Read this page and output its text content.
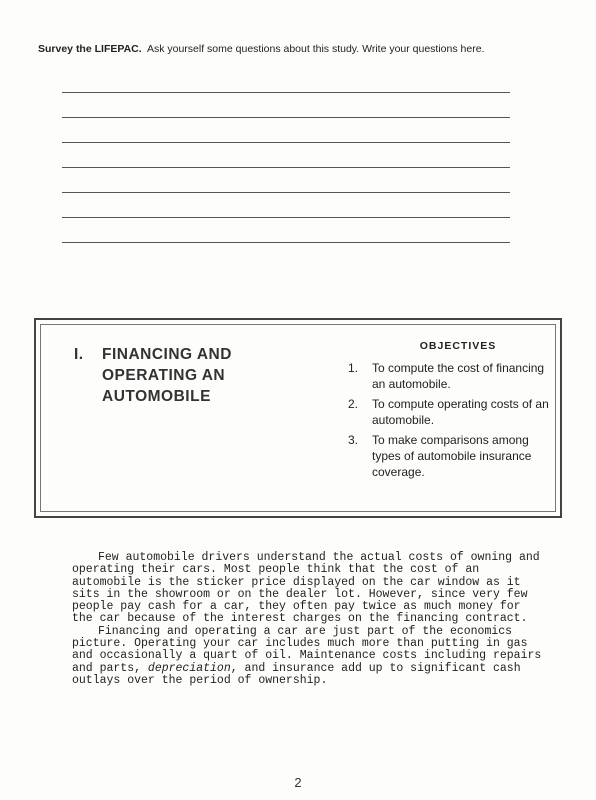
Survey the LIFEPAC. Ask yourself some questions about this study. Write your questions here.
I. FINANCING AND OPERATING AN AUTOMOBILE
OBJECTIVES
1. To compute the cost of financing an automobile.
2. To compute operating costs of an automobile.
3. To make comparisons among types of automobile insurance coverage.

Few automobile drivers understand the actual costs of owning and operating their cars. Most people think that the cost of an automobile is the sticker price displayed on the car window as it sits in the showroom or on the dealer lot. However, since very few people pay cash for a car, they often pay twice as much money for the car because of the interest charges on the financing contract.

Financing and operating a car are just part of the economics picture. Operating your car includes much more than putting in gas and occasionally a quart of oil. Maintenance costs including repairs and parts, depreciation, and insurance add up to significant cash outlays over the period of ownership.

2
